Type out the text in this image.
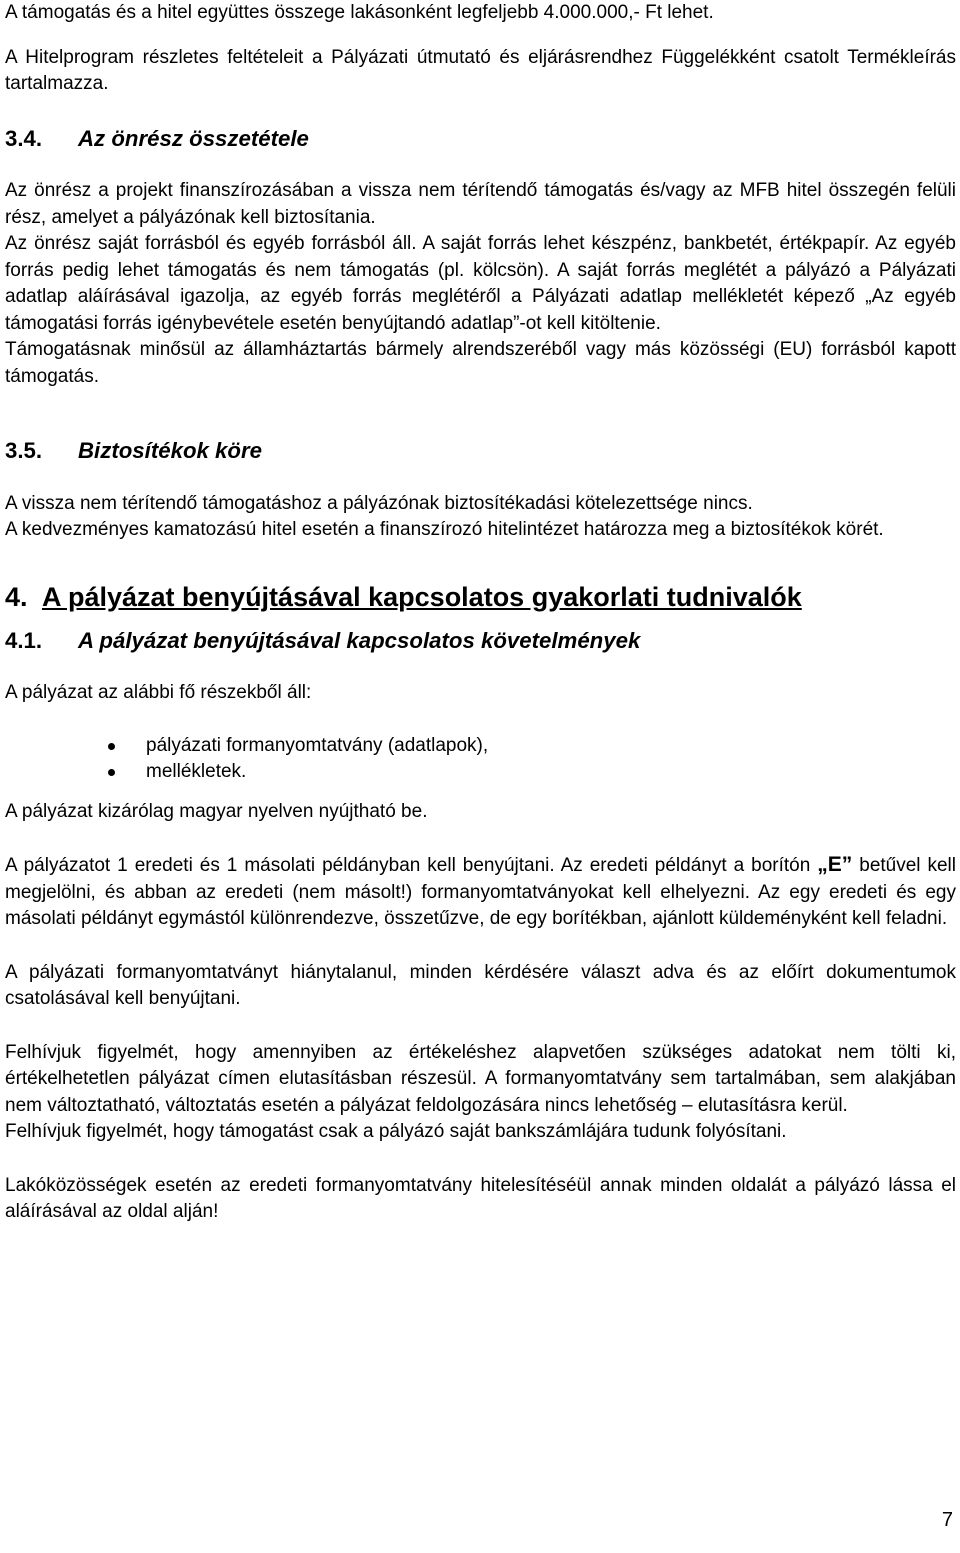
A támogatás és a hitel együttes összege lakásonként legfeljebb 4.000.000,- Ft lehet.

A Hitelprogram részletes feltételeit a Pályázati útmutató és eljárásrendhez Függelékként csatolt Termékleírás tartalmazza.

3.4.	Az önrész összetétele

Az önrész a projekt finanszírozásában a vissza nem térítendő támogatás és/vagy az MFB hitel összegén felüli rész, amelyet a pályázónak kell biztosítania.

Az önrész saját forrásból és egyéb forrásból áll. A saját forrás lehet készpénz, bankbetét, értékpapír. Az egyéb forrás pedig lehet támogatás és nem támogatás (pl. kölcsön). A saját forrás meglétét a pályázó a Pályázati adatlap aláírásával igazolja, az egyéb forrás meglétéről a Pályázati adatlap mellékletét képező „Az egyéb támogatási forrás igénybevétele esetén benyújtandó adatlap”-ot kell kitöltenie.

Támogatásnak minősül az államháztartás bármely alrendszeréből vagy más közösségi (EU) forrásból kapott támogatás.

3.5.	Biztosítékok köre

A vissza nem térítendő támogatáshoz a pályázónak biztosítékadási kötelezettsége nincs.

A kedvezményes kamatozású hitel esetén a finanszírozó hitelintézet határozza meg a biztosítékok körét.

4. A pályázat benyújtásával kapcsolatos gyakorlati tudnivalók
4.1.	A pályázat benyújtásával kapcsolatos követelmények

A pályázat az alábbi fő részekből áll:

pályázati formanyomtatvány (adatlapok),
mellékletek.

A pályázat kizárólag magyar nyelven nyújtható be.

A pályázatot 1 eredeti és 1 másolati példányban kell benyújtani. Az eredeti példányt a borítón „E” betűvel kell megjelölni, és abban az eredeti (nem másolt!) formanyomtatványokat kell elhelyezni. Az egy eredeti és egy másolati példányt egymástól különrendezve, összetűzve, de egy borítékban, ajánlott küldeményként kell feladni.

A pályázati formanyomtatványt hiánytalanul, minden kérdésére választ adva és az előírt dokumentumok csatolásával kell benyújtani.

Felhívjuk figyelmét, hogy amennyiben az értékeléshez alapvetően szükséges adatokat nem tölti ki, értékelhetetlen pályázat címen elutasításban részesül. A formanyomtatvány sem tartalmában, sem alakjában nem változtatható, változtatás esetén a pályázat feldolgozására nincs lehetőség – elutasításra kerül.

Felhívjuk figyelmét, hogy támogatást csak a pályázó saját bankszámlájára tudunk folyósítani.

Lakóközösségek esetén az eredeti formanyomtatvány hitelesítéséül annak minden oldalát a pályázó lássa el aláírásával az oldal alján!

7
